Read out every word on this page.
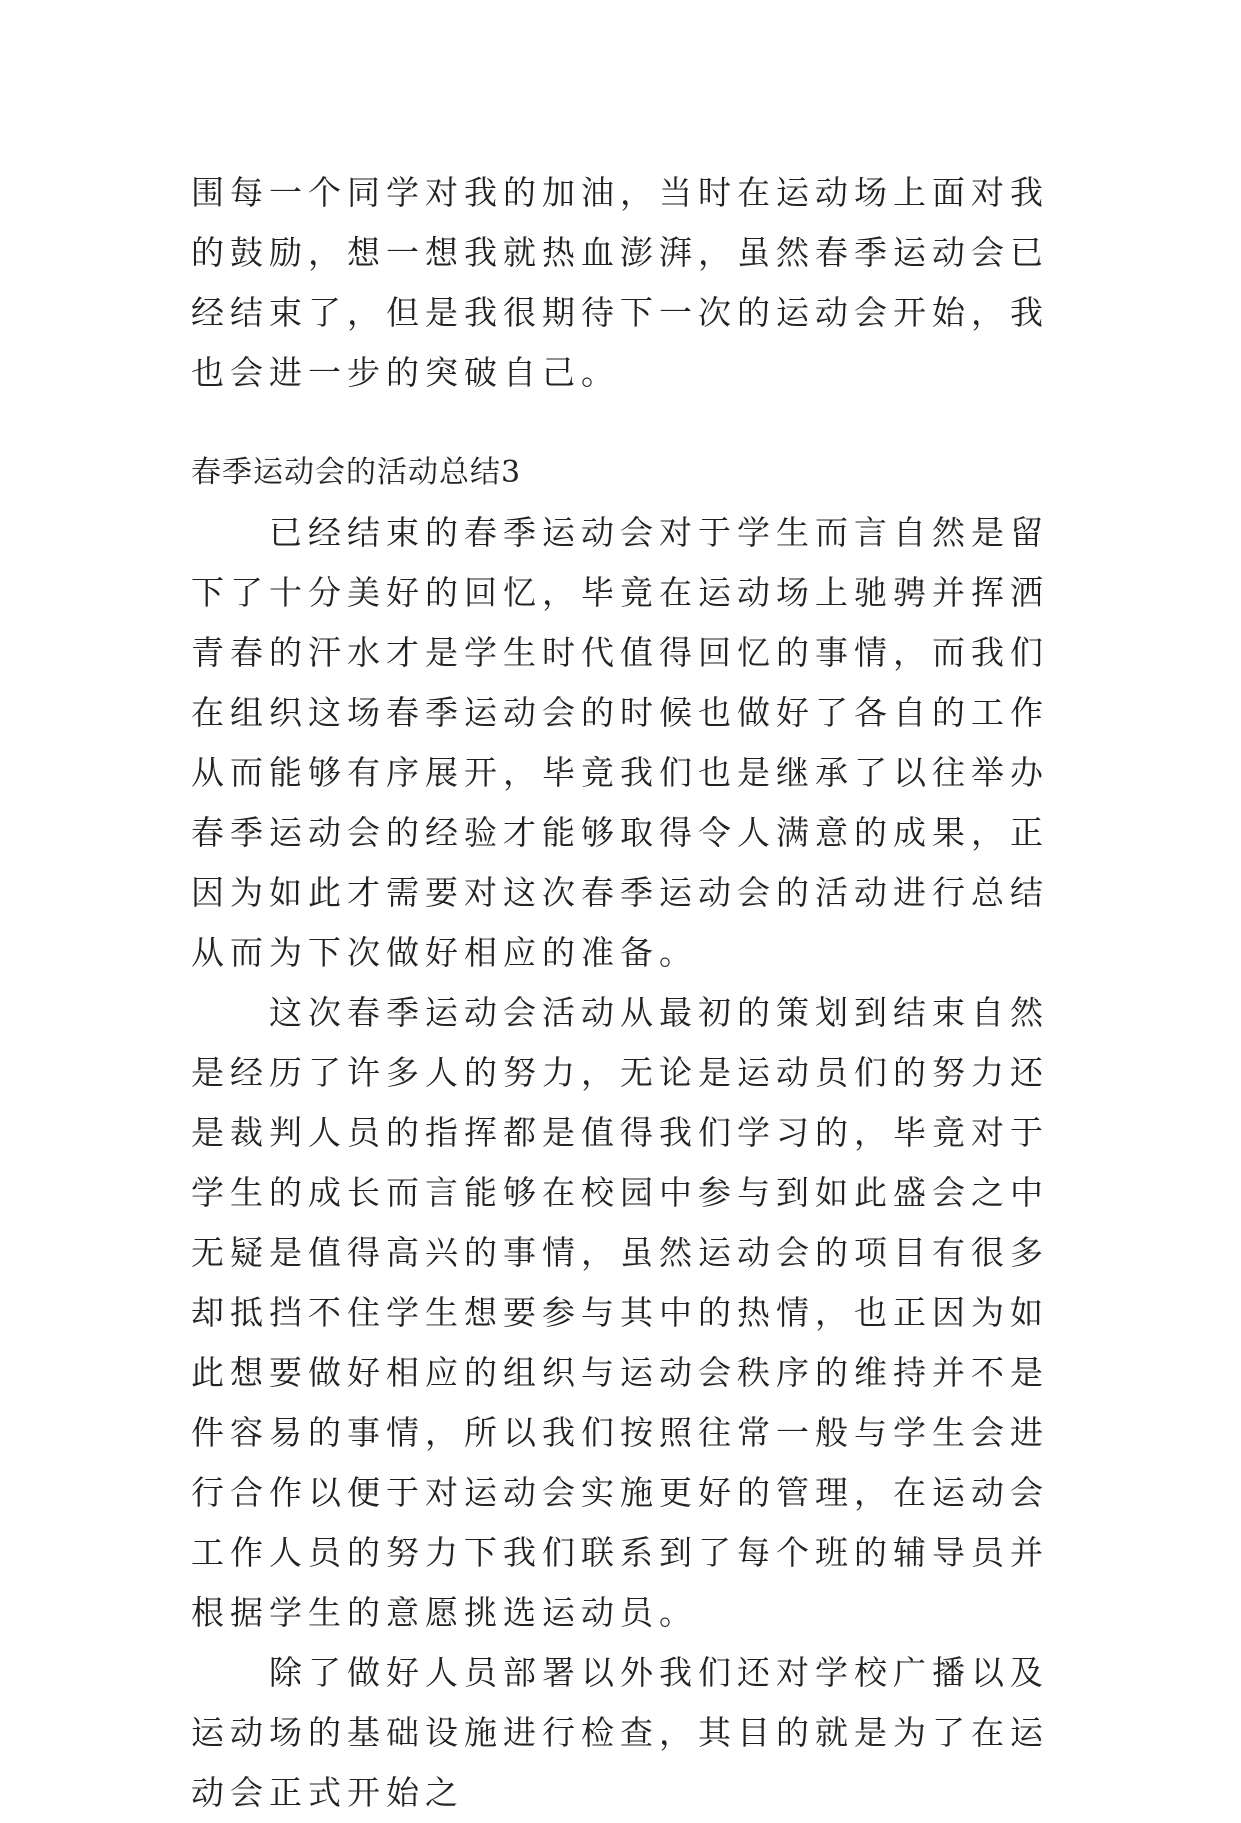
围每一个同学对我的加油，当时在运动场上面对我的鼓励，想一想我就热血澎湃，虽然春季运动会已经结束了，但是我很期待下一次的运动会开始，我也会进一步的突破自己。

春季运动会的活动总结3

已经结束的春季运动会对于学生而言自然是留下了十分美好的回忆，毕竟在运动场上驰骋并挥洒青春的汗水才是学生时代值得回忆的事情，而我们在组织这场春季运动会的时候也做好了各自的工作从而能够有序展开，毕竟我们也是继承了以往举办春季运动会的经验才能够取得令人满意的成果，正因为如此才需要对这次春季运动会的活动进行总结从而为下次做好相应的准备。

这次春季运动会活动从最初的策划到结束自然是经历了许多人的努力，无论是运动员们的努力还是裁判人员的指挥都是值得我们学习的，毕竟对于学生的成长而言能够在校园中参与到如此盛会之中无疑是值得高兴的事情，虽然运动会的项目有很多却抵挡不住学生想要参与其中的热情，也正因为如此想要做好相应的组织与运动会秩序的维持并不是件容易的事情，所以我们按照往常一般与学生会进行合作以便于对运动会实施更好的管理，在运动会工作人员的努力下我们联系到了每个班的辅导员并根据学生的意愿挑选运动员。

除了做好人员部署以外我们还对学校广播以及运动场的基础设施进行检查，其目的就是为了在运动会正式开始之
